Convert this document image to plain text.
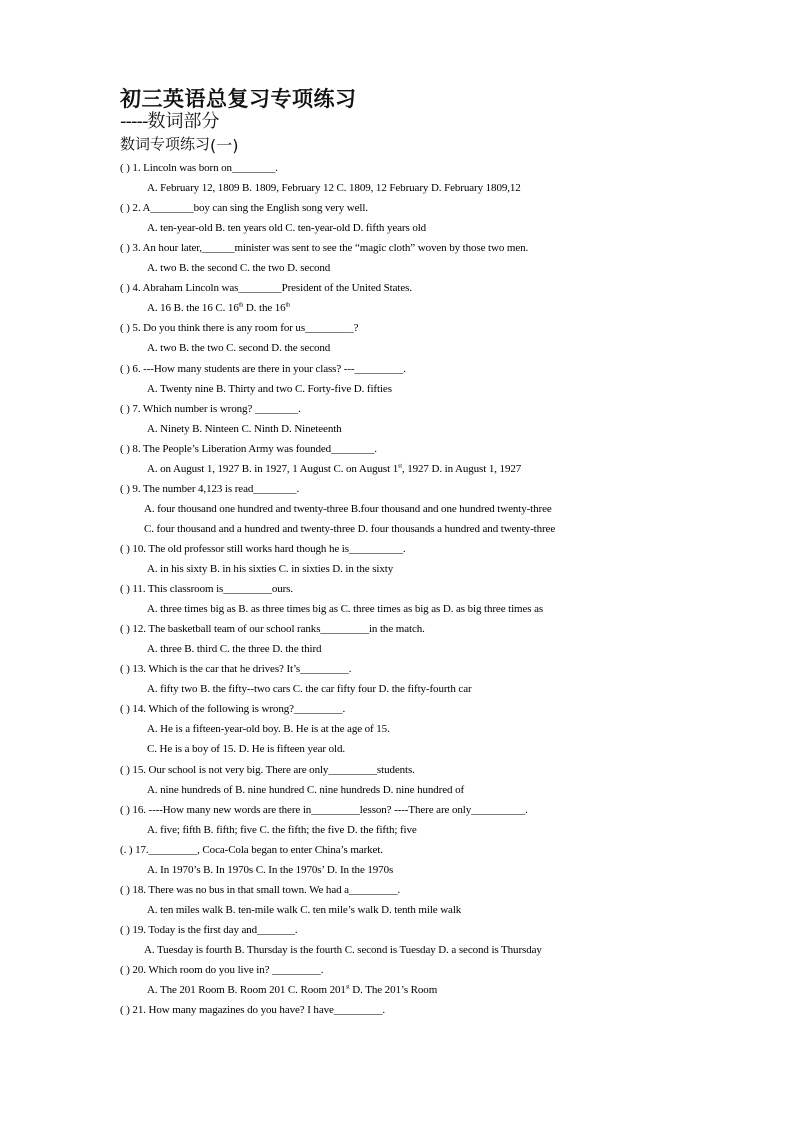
初三英语总复习专项练习
-----数词部分
数词专项练习(一)
( ) 1. Lincoln was born on________.
A. February 12, 1809 B. 1809, February 12 C. 1809, 12 February D. February 1809,12
( ) 2. A________boy can sing the English song very well.
A. ten-year-old B. ten years old C. ten-year-old D. fifth years old
( ) 3. An hour later,______minister was sent to see the “magic cloth” woven by those two men.
A. two B. the second C. the two D. second
( ) 4. Abraham Lincoln was________President of the United States.
A. 16 B. the 16 C. 16th D. the 16th
( ) 5. Do you think there is any room for us_________?
A. two B. the two C. second D. the second
( ) 6. ---How many students are there in your class? ---_________.
A. Twenty nine B. Thirty and two C. Forty-five D. fifties
( ) 7. Which number is wrong? ________.
A. Ninety B. Ninteen C. Ninth D. Nineteenth
( ) 8. The People’s Liberation Army was founded________.
A. on August 1, 1927 B. in 1927, 1 August C. on August 1st, 1927 D. in August 1, 1927
( ) 9. The number 4,123 is read________.
A. four thousand one hundred and twenty-three B.four thousand and one hundred twenty-three
C. four thousand and a hundred and twenty-three D. four thousands a hundred and twenty-three
( ) 10. The old professor still works hard though he is__________.
A. in his sixty B. in his sixties C. in sixties D. in the sixty
( ) 11. This classroom is_________ours.
A. three times big as B. as three times big as C. three times as big as D. as big three times as
( ) 12. The basketball team of our school ranks_________in the match.
A. three B. third C. the three D. the third
( ) 13. Which is the car that he drives? It’s_________.
A. fifty two B. the fifty--two cars C. the car fifty four D. the fifty-fourth car
( ) 14. Which of the following is wrong?_________.
A. He is a fifteen-year-old boy. B. He is at the age of 15.
C. He is a boy of 15. D. He is fifteen year old.
( ) 15. Our school is not very big. There are only_________students.
A. nine hundreds of B. nine hundred C. nine hundreds D. nine hundred of
( ) 16. ----How many new words are there in_________lesson? ----There are only__________.
A. five; fifth B. fifth; five C. the fifth; the five D. the fifth; five
(. ) 17._________, Coca-Cola began to enter China’s market.
A. In 1970’s B. In 1970s C. In the 1970s’ D. In the 1970s
( ) 18. There was no bus in that small town. We had a_________.
A. ten miles walk B. ten-mile walk C. ten mile’s walk D. tenth mile walk
( ) 19. Today is the first day and_______.
A. Tuesday is fourth B. Thursday is the fourth C. second is Tuesday D. a second is Thursday
( ) 20. Which room do you live in? _________.
A. The 201 Room B. Room 201 C. Room 201st D. The 201’s Room
( ) 21. How many magazines do you have? I have_________.
